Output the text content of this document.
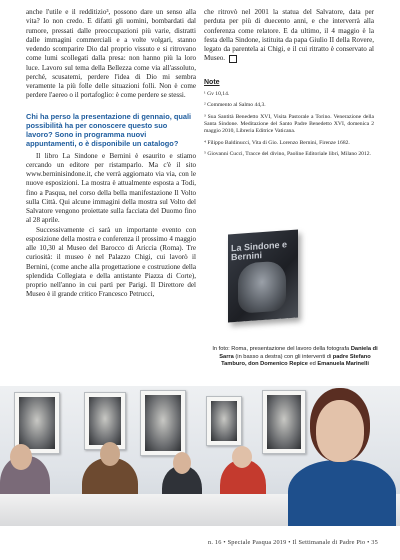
anche l'utile e il redditizio³, possono dare un senso alla vita? Io non credo. E difatti gli uomini, bombardati dal rumore, pressati dalle preoccupazioni più varie, distratti dalle immagini commerciali e a volte volgari, stanno vedendo scomparire Dio dal proprio vissuto e si ritrovano come lumi scollegati dalla presa: non hanno più la loro luce. Lavoro sul tema della Bellezza come via all'assoluto, perché, scusatemi, perdere l'idea di Dio mi sembra veramente la più folle delle situazioni folli. Non è come perdere l'aereo o il portafoglio: è come perdere se stessi.

Chi ha perso la presentazione di gennaio, quali possibilità ha per conoscere questo suo lavoro? Sono in programma nuovi appuntamenti, o è disponibile un catalogo?

Il libro La Sindone e Bernini è esaurito e stiamo cercando un editore per ristamparlo. Ma c'è il sito www.berninisindone.it, che verrà aggiornato via via, con le nuove esposizioni. La mostra è attualmente esposta a Todi, fino a Pasqua, nel corso della bella manifestazione Il Volto sulla Città. Qui alcune immagini della mostra sul Volto del Salvatore vengono proiettate sulla facciata del Duomo fino al 28 aprile.

Successivamente ci sarà un importante evento con esposizione della mostra e conferenza il prossimo 4 maggio alle 10,30 al Museo del Barocco di Ariccia (Roma). Tre curiosità: il museo è nel Palazzo Chigi, cui lavorò il Bernini, (come anche alla progettazione e costruzione della splendida Collegiata e della antistante Piazza di Corte), proprio nell'anno in cui partì per Parigi. Il Direttore del Museo è il grande critico Francesco Petrucci,

che ritrovò nel 2001 la statua del Salvatore, data per perduta per più di duecento anni, e che interverrà alla conferenza come relatore. E da ultimo, il 4 maggio è la festa della Sindone, istituita da papa Giulio II della Rovere, legato da parentela ai Chigi, e il cui ritratto è conservato al Museo.

Note

¹ Gv 10,14.

² Commento al Salmo 44,3.

³ Sua Santità Benedetto XVI, Visita Pastorale a Torino. Venerazione della Santa Sindone. Meditazione del Santo Padre Benedetto XVI, domenica 2 maggio 2010, Libreria Editrice Vaticana.

⁴ Filippo Baldinucci, Vita di Gio. Lorenzo Bernini, Firenze 1682.

⁵ Giovanni Cucci, Tracce del divino, Paoline Editoriale libri, Milano 2012.

La Sindone e Bernini
In foto: Roma, presentazione del lavoro della fotografa Daniela di Sarra (in basso a destra) con gli interventi di padre Stefano Tamburo, don Domenico Repice ed Emanuela Marinelli
n. 16 • Speciale Pasqua 2019 • Il Settimanale di Padre Pio • 35
